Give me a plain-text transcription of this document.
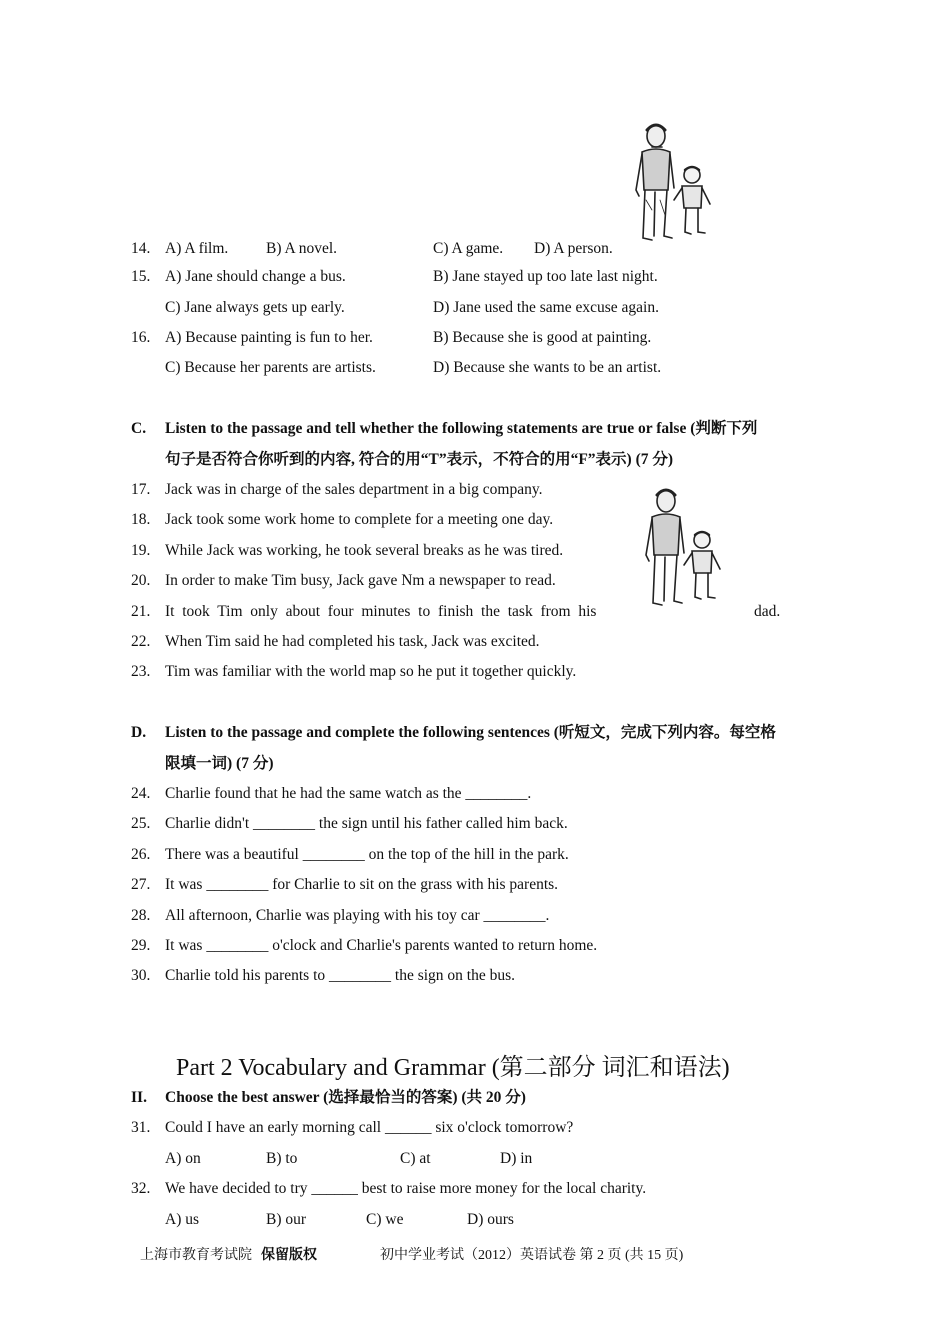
14. A) A film. B) A novel.	C) A game. D) A person.
15. A) Jane should change a bus.	B) Jane stayed up too late last night.
C) Jane always gets up early.	D) Jane used the same excuse again.
16. A) Because painting is fun to her.	B) Because she is good at painting.
C) Because her parents are artists.	D) Because she wants to be an artist.
C. Listen to the passage and tell whether the following statements are true or false (判断下列
句子是否符合你听到的内容, 符合的用“T”表示，不符合的用“F”表示) (7 分)
17. Jack was in charge of the sales department in a big company.
18. Jack took some work home to complete for a meeting one day.
19. While Jack was working, he took several breaks as he was tired.
20. In order to make Tim busy, Jack gave Nm a newspaper to read.
21. It  took  Tim  only  about  four  minutes  to  finish  the  task  from  his	dad.
22. When Tim said he had completed his task, Jack was excited.
23. Tim was familiar with the world map so he put it together quickly.
D. Listen to the passage and complete the following sentences (听短文，完成下列内容。每空格
限填一词) (7 分)
24. Charlie found that he had the same watch as the ________.
25. Charlie didn't ________ the sign until his father called him back.
26. There was a beautiful ________ on the top of the hill in the park.
27. It was ________ for Charlie to sit on the grass with his parents.
28. All afternoon, Charlie was playing with his toy car ________.
29. It was ________ o'clock and Charlie's parents wanted to return home.
30. Charlie told his parents to ________ the sign on the bus.
Part 2 Vocabulary and Grammar (第二部分 词汇和语法)
II. Choose the best answer (选择最恰当的答案) (共 20 分)
31. Could I have an early morning call ______ six o'clock tomorrow?
A) on	B) to	C) at	D) in
32. We have decided to try ______ best to raise more money for the local charity.
A) us	B) our	C) we	D) ours
上海市教育考试院 保留版权	初中学业考试（2012）英语试卷 第 2 页 (共 15 页)
